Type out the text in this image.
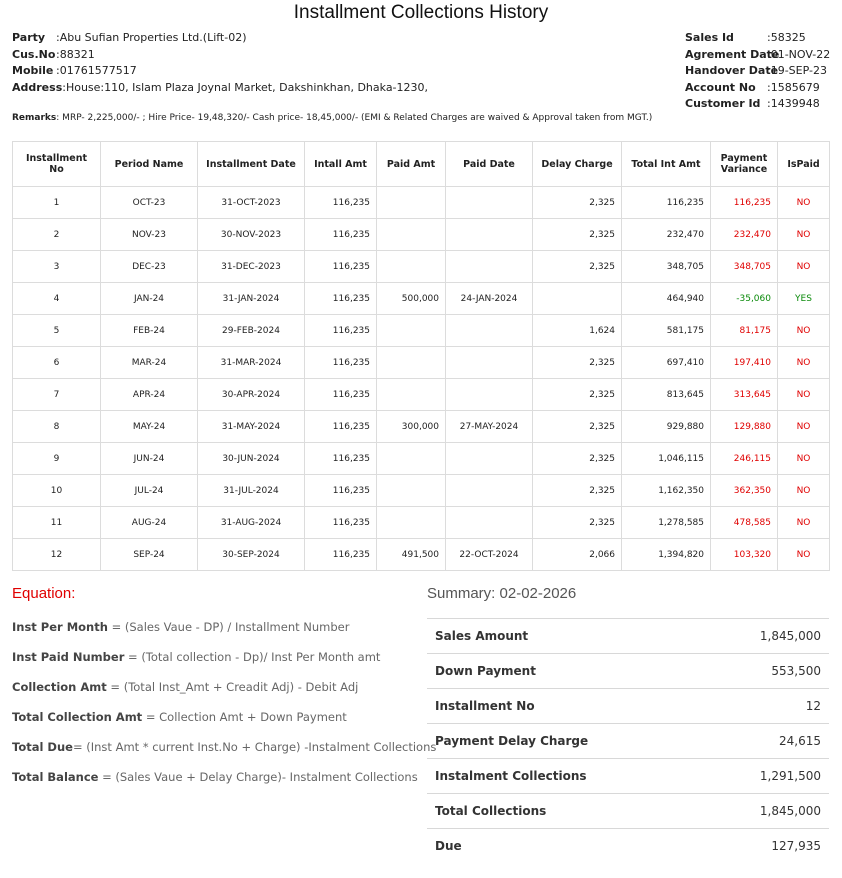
Installment Collections History
Party :Abu Sufian Properties Ltd.(Lift-02)
Cus.No:88321
Mobile :01761577517
Address:House:110, Islam Plaza Joynal Market, Dakshinkhan, Dhaka-1230,
Sales Id	:58325
Agrement Date:01-NOV-22
Handover Date:19-SEP-23
Account No :1585679
Customer Id :1439948
Remarks: MRP- 2,225,000/- ; Hire Price- 19,48,320/- Cash price- 18,45,000/- (EMI & Related Charges are waived & Approval taken from MGT.)
Installment No	Period Name	Installment Date	Intall Amt	Paid Amt	Paid Date	Delay Charge	Total Int Amt	Payment Variance	IsPaid
1	OCT-23	31-OCT-2023	116,235			2,325	116,235	116,235	NO
2	NOV-23	30-NOV-2023	116,235			2,325	232,470	232,470	NO
3	DEC-23	31-DEC-2023	116,235			2,325	348,705	348,705	NO
4	JAN-24	31-JAN-2024	116,235	500,000	24-JAN-2024		464,940	-35,060	YES
5	FEB-24	29-FEB-2024	116,235			1,624	581,175	81,175	NO
6	MAR-24	31-MAR-2024	116,235			2,325	697,410	197,410	NO
7	APR-24	30-APR-2024	116,235			2,325	813,645	313,645	NO
8	MAY-24	31-MAY-2024	116,235	300,000	27-MAY-2024	2,325	929,880	129,880	NO
9	JUN-24	30-JUN-2024	116,235			2,325	1,046,115	246,115	NO
10	JUL-24	31-JUL-2024	116,235			2,325	1,162,350	362,350	NO
11	AUG-24	31-AUG-2024	116,235			2,325	1,278,585	478,585	NO
12	SEP-24	30-SEP-2024	116,235	491,500	22-OCT-2024	2,066	1,394,820	103,320	NO
Equation:
Inst Per Month = (Sales Vaue - DP) / Installment Number
Inst Paid Number = (Total collection - Dp)/ Inst Per Month amt
Collection Amt = (Total Inst_Amt + Creadit Adj) - Debit Adj
Total Collection Amt = Collection Amt + Down Payment
Total Due= (Inst Amt * current Inst.No + Charge) -Instalment Collections
Total Balance = (Sales Vaue + Delay Charge)- Instalment Collections
Summary: 02-02-2026
Sales Amount	1,845,000
Down Payment	553,500
Installment No	12
Payment Delay Charge	24,615
Instalment Collections	1,291,500
Total Collections	1,845,000
Due	127,935
